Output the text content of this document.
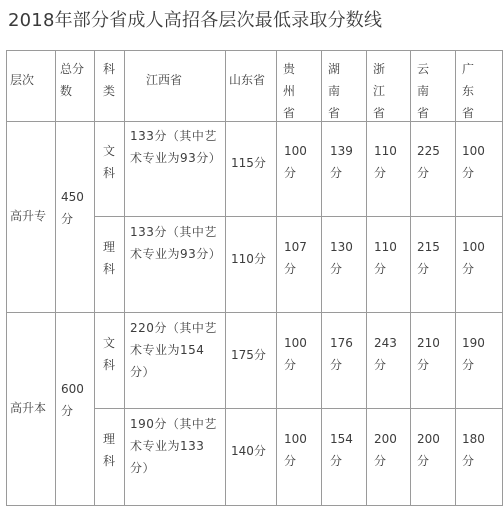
2018年部分省成人高招各层次最低录取分数线
层次
总分数
科类
江西省	山东省
贵州省
湖南省
浙江省
云南省
广东省
高升专
450分
文科
133分（其中艺术专业为93分） 115分
100分
139分
110分
225分
100分
理科
133分（其中艺术专业为93分） 110分
107分
130分
110分
215分
100分
高升本
600分
文科
220分（其中艺术专业为154分）
175分
100分
176分
243分
210分
190分
理科
190分（其中艺术专业为133分）
140分
100分
154分
200分
200分
180分
